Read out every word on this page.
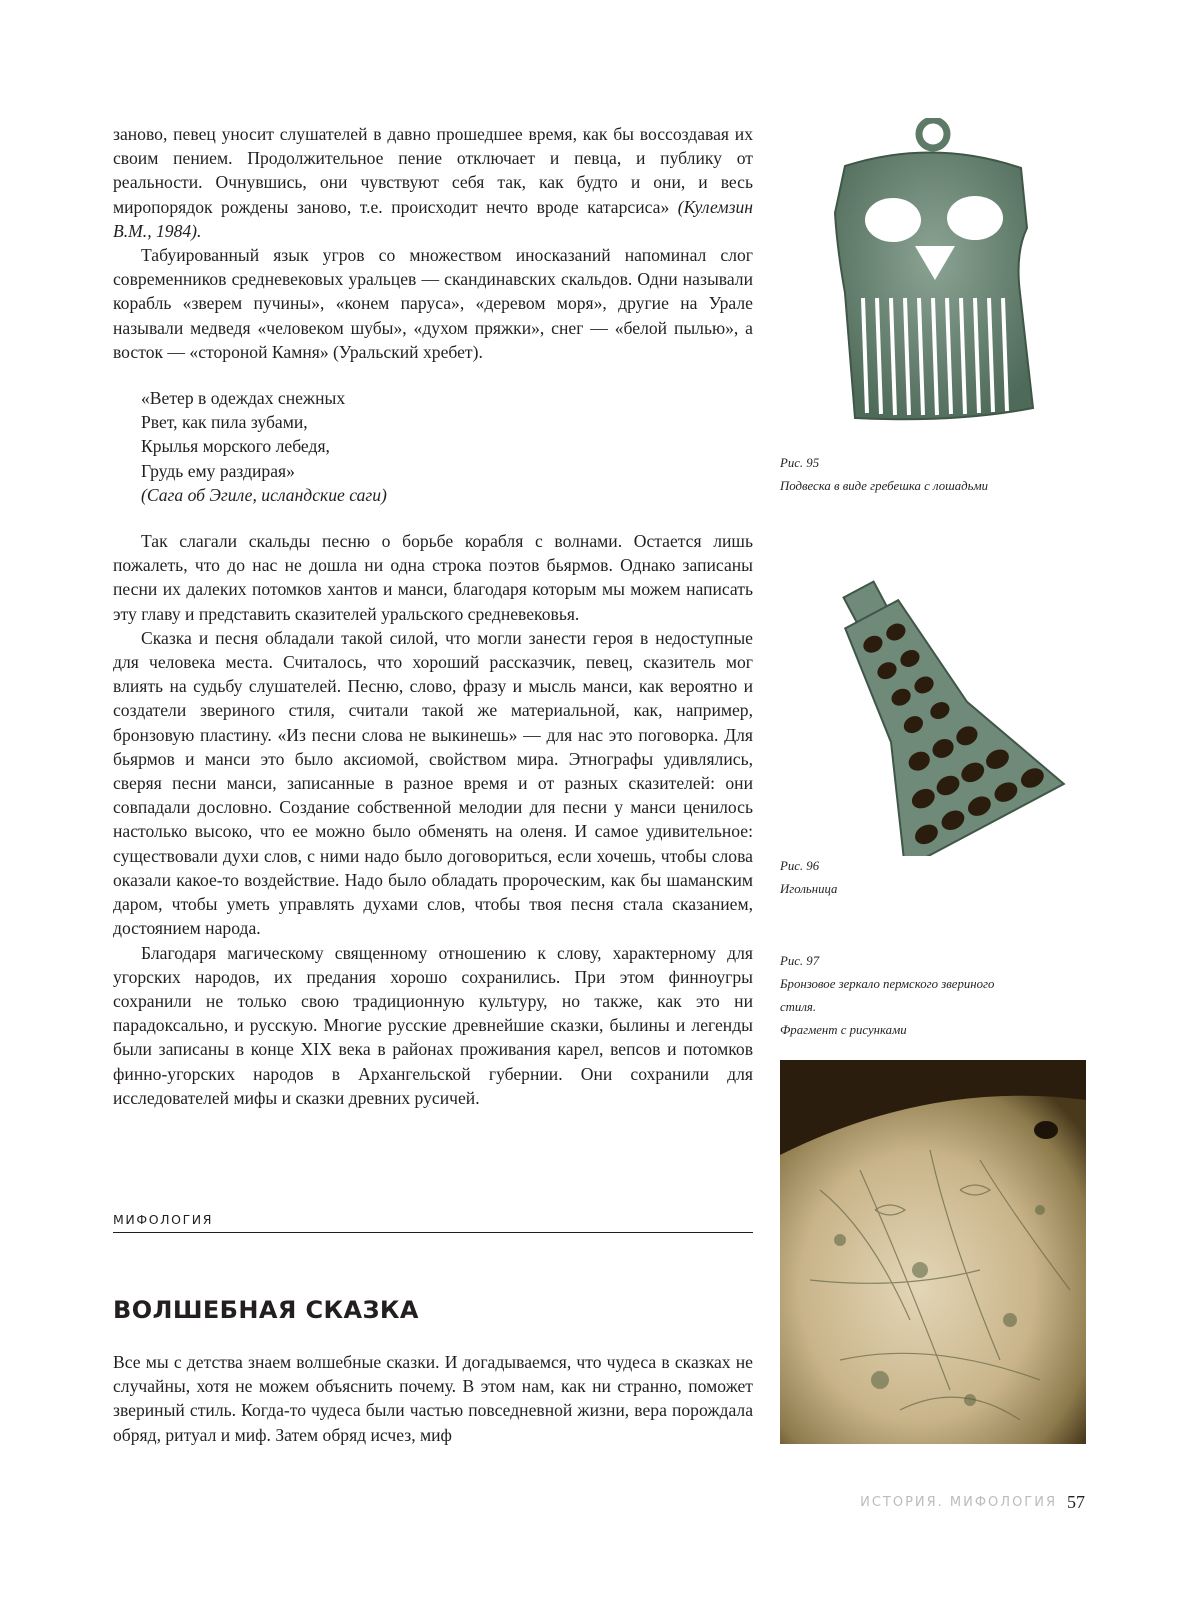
заново, певец уносит слушателей в давно прошедшее время, как бы воссоздавая их своим пением. Продолжительное пение отключает и певца, и публику от реальности. Очнувшись, они чувствуют себя так, как будто и они, и весь миропорядок рождены заново, т.е. происходит нечто вроде катарсиса» (Кулемзин В.М., 1984).

Табуированный язык угров со множеством иносказаний напоминал слог современников средневековых уральцев — скандинавских скальдов. Одни называли корабль «зверем пучины», «конем паруса», «деревом моря», другие на Урале называли медведя «человеком шубы», «духом пряжки», снег — «белой пылью», а восток — «стороной Камня» (Уральский хребет).

«Ветер в одеждах снежных
Рвет, как пила зубами,
Крылья морского лебедя,
Грудь ему раздирая»
(Сага об Эгиле, исландские саги)

Так слагали скальды песню о борьбе корабля с волнами. Остается лишь пожалеть, что до нас не дошла ни одна строка поэтов бьярмов. Однако записаны песни их далеких потомков хантов и манси, благодаря которым мы можем написать эту главу и представить сказителей уральского средневековья.

Сказка и песня обладали такой силой, что могли занести героя в недоступные для человека места. Считалось, что хороший рассказчик, певец, сказитель мог влиять на судьбу слушателей. Песню, слово, фразу и мысль манси, как вероятно и создатели звериного стиля, считали такой же материальной, как, например, бронзовую пластину. «Из песни слова не выкинешь» — для нас это поговорка. Для бьярмов и манси это было аксиомой, свойством мира. Этнографы удивлялись, сверяя песни манси, записанные в разное время и от разных сказителей: они совпадали дословно. Создание собственной мелодии для песни у манси ценилось настолько высоко, что ее можно было обменять на оленя. И самое удивительное: существовали духи слов, с ними надо было договориться, если хочешь, чтобы слова оказали какое-то воздействие. Надо было обладать пророческим, как бы шаманским даром, чтобы уметь управлять духами слов, чтобы твоя песня стала сказанием, достоянием народа.

Благодаря магическому священному отношению к слову, характерному для угорских народов, их предания хорошо сохранились. При этом финноугры сохранили не только свою традиционную культуру, но также, как это ни парадоксально, и русскую. Многие русские древнейшие сказки, былины и легенды были записаны в конце XIX века в районах проживания карел, вепсов и потомков финно-угорских народов в Архангельской губернии. Они сохранили для исследователей мифы и сказки древних русичей.

МИФОЛОГИЯ
ВОЛШЕБНАЯ СКАЗКА

Все мы с детства знаем волшебные сказки. И догадываемся, что чудеса в сказках не случайны, хотя не можем объяснить почему. В этом нам, как ни странно, поможет звериный стиль. Когда-то чудеса были частью повседневной жизни, вера порождала обряд, ритуал и миф. Затем обряд исчез, миф

Рис. 95
Подвеска в виде гребешка с лошадьми
Рис. 96
Игольница
Рис. 97
Бронзовое зеркало пермского звериного
стиля.
Фрагмент с рисунками
ИСТОРИЯ. МИФОЛОГИЯ 57
